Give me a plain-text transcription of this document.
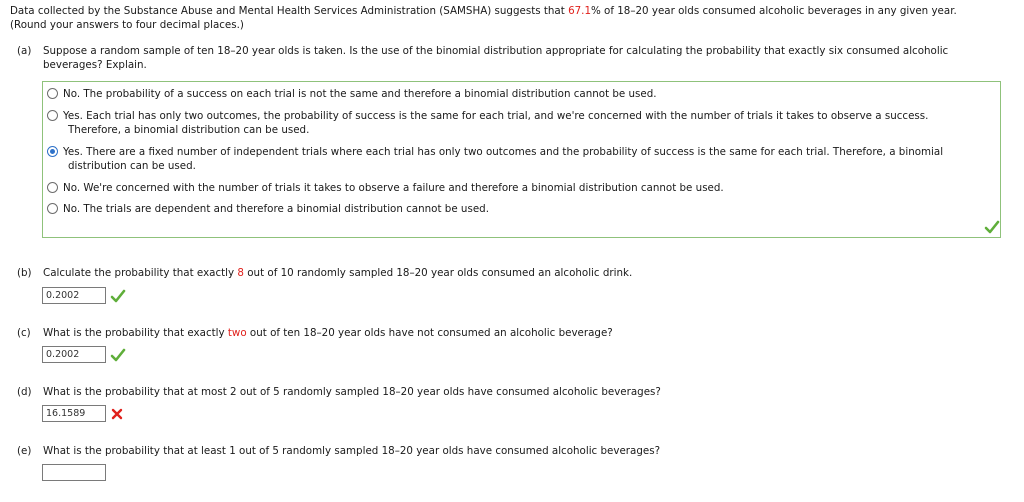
Data collected by the Substance Abuse and Mental Health Services Administration (SAMSHA) suggests that 67.1% of 18–20 year olds consumed alcoholic beverages in any given year.

(Round your answers to four decimal places.)

(a) Suppose a random sample of ten 18–20 year olds is taken. Is the use of the binomial distribution appropriate for calculating the probability that exactly six consumed alcoholic
beverages? Explain.
No. The probability of a success on each trial is not the same and therefore a binomial distribution cannot be used.
Yes. Each trial has only two outcomes, the probability of success is the same for each trial, and we're concerned with the number of trials it takes to observe a success.
Therefore, a binomial distribution can be used.
Yes. There are a fixed number of independent trials where each trial has only two outcomes and the probability of success is the same for each trial. Therefore, a binomial
distribution can be used.
No. We're concerned with the number of trials it takes to observe a failure and therefore a binomial distribution cannot be used.
No. The trials are dependent and therefore a binomial distribution cannot be used.
(b) Calculate the probability that exactly 8 out of 10 randomly sampled 18–20 year olds consumed an alcoholic drink.
0.2002
(c) What is the probability that exactly two out of ten 18–20 year olds have not consumed an alcoholic beverage?
0.2002
(d) What is the probability that at most 2 out of 5 randomly sampled 18–20 year olds have consumed alcoholic beverages?
16.1589
(e) What is the probability that at least 1 out of 5 randomly sampled 18–20 year olds have consumed alcoholic beverages?
